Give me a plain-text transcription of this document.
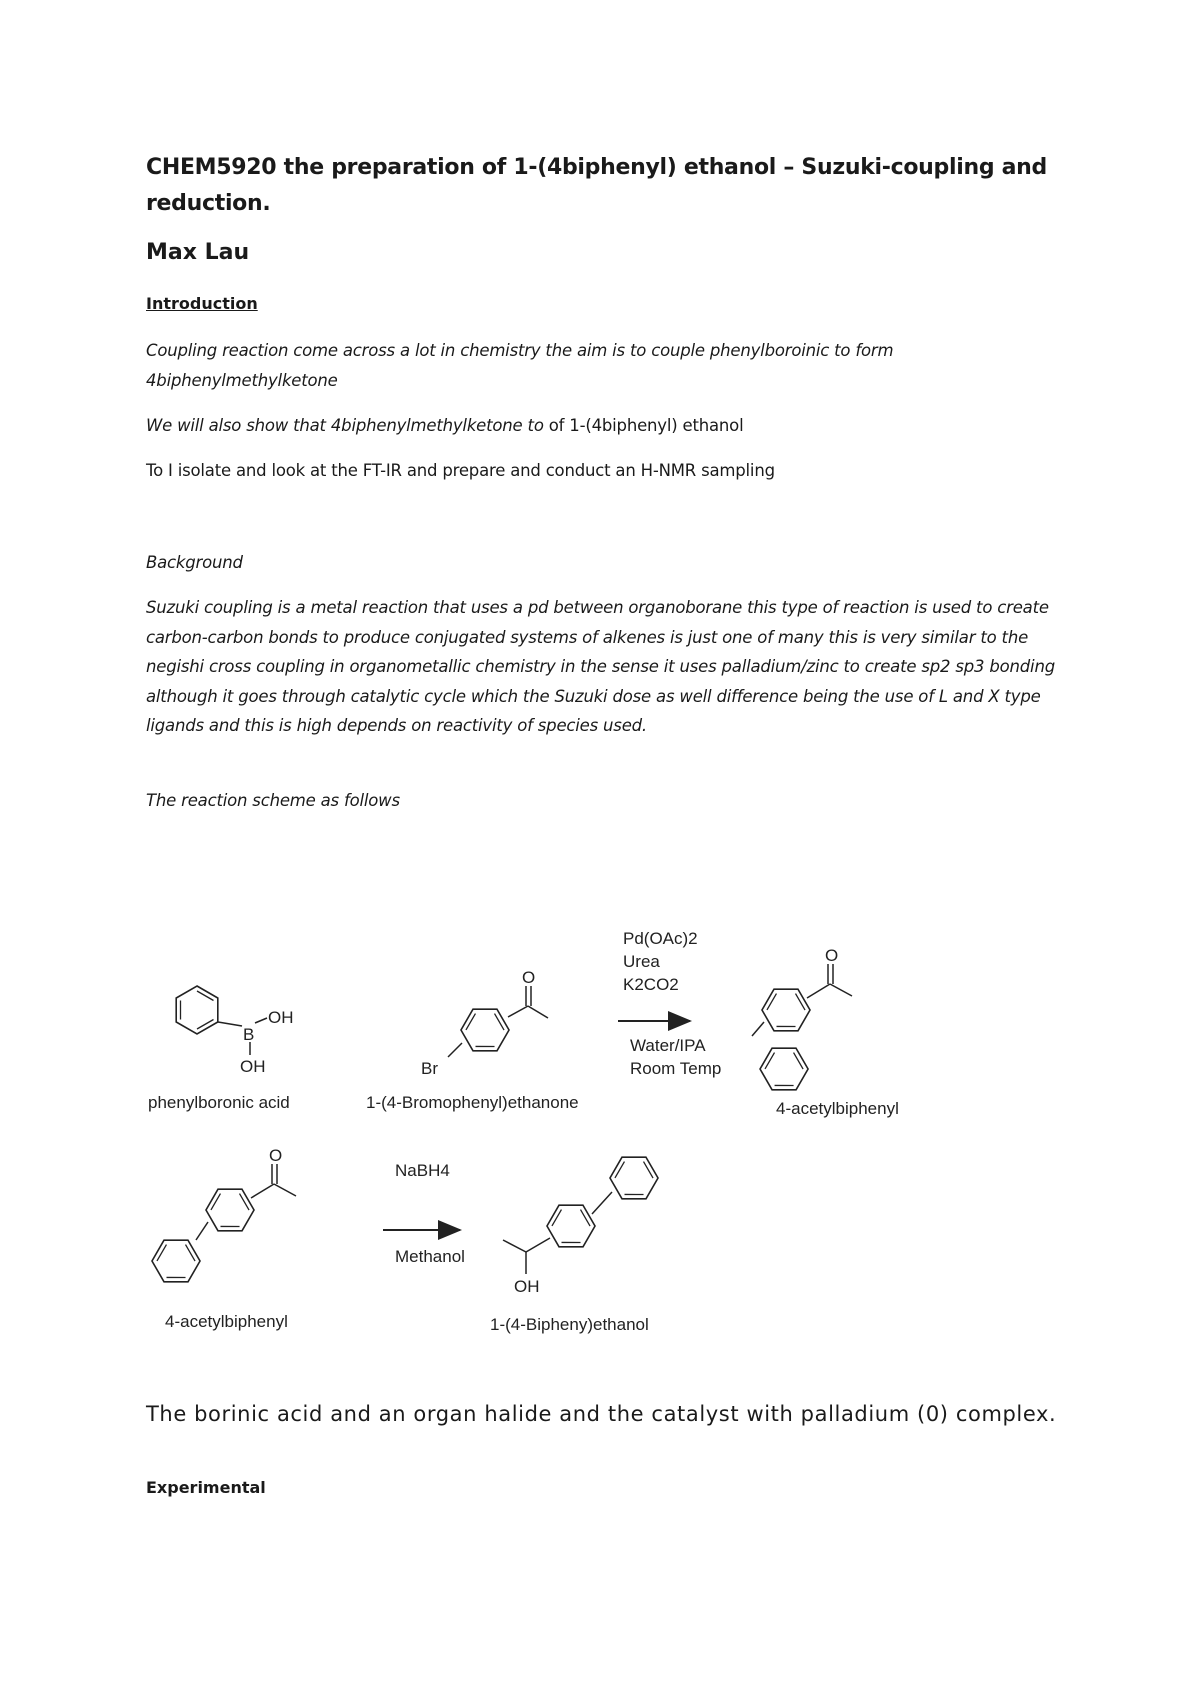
CHEM5920 the preparation of 1-(4biphenyl) ethanol – Suzuki-coupling and reduction.
Max Lau
Introduction

Coupling reaction come across a lot in chemistry the aim is to couple phenylboroinic to form 4biphenylmethylketone

We will also show that 4biphenylmethylketone to of 1-(4biphenyl) ethanol

To I isolate and look at the FT-IR and prepare and conduct an H-NMR sampling

Background

Suzuki coupling is a metal reaction that uses a pd between organoborane this type of reaction is used to create carbon-carbon bonds to produce conjugated systems of alkenes is just one of many this is very similar to the negishi cross coupling in organometallic chemistry in the sense it uses palladium/zinc to create sp2 sp3 bonding although it goes through catalytic cycle which the Suzuki dose as well difference being the use of L and X type ligands and this is high depends on reactivity of species used.

The reaction scheme as follows

B
OH
OH
phenylboronic acid
Br
O
1-(4-Bromophenyl)ethanone
Pd(OAc)2
Urea
K2CO2
Water/IPA
Room Temp
O
4-acetylbiphenyl
O
4-acetylbiphenyl
NaBH4
Methanol
OH
1-(4-Bipheny)ethanol

The borinic acid and an organ halide and the catalyst with palladium (0) complex.

Experimental
